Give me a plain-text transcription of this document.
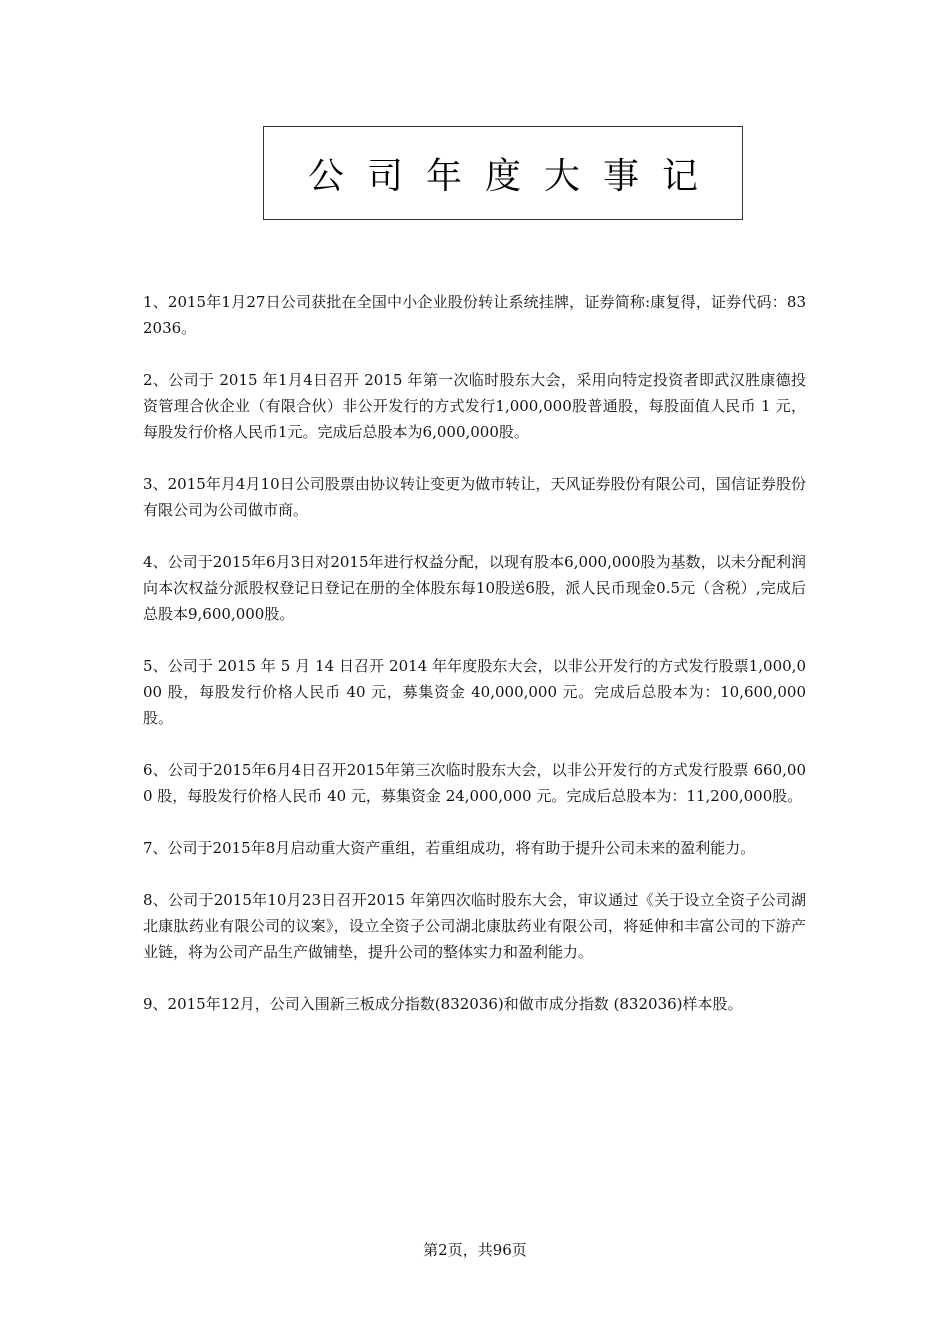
公司年度大事记

1、2015年1月27日公司获批在全国中小企业股份转让系统挂牌，证券简称:康复得，证券代码：832036。

2、公司于 2015 年1月4日召开 2015 年第一次临时股东大会，采用向特定投资者即武汉胜康德投资管理合伙企业（有限合伙）非公开发行的方式发行1,000,000股普通股，每股面值人民币 1 元，每股发行价格人民币1元。完成后总股本为6,000,000股。

3、2015年月4月10日公司股票由协议转让变更为做市转让，天风证券股份有限公司，国信证券股份有限公司为公司做市商。

4、公司于2015年6月3日对2015年进行权益分配，以现有股本6,000,000股为基数，以未分配利润向本次权益分派股权登记日登记在册的全体股东每10股送6股，派人民币现金0.5元（含税）,完成后总股本9,600,000股。

5、公司于 2015 年 5 月 14 日召开 2014 年年度股东大会，以非公开发行的方式发行股票1,000,000 股，每股发行价格人民币 40 元，募集资金 40,000,000 元。完成后总股本为：10,600,000股。

6、公司于2015年6月4日召开2015年第三次临时股东大会，以非公开发行的方式发行股票 660,000 股，每股发行价格人民币 40 元，募集资金 24,000,000 元。完成后总股本为：11,200,000股。

7、公司于2015年8月启动重大资产重组，若重组成功，将有助于提升公司未来的盈利能力。

8、公司于2015年10月23日召开2015 年第四次临时股东大会，审议通过《关于设立全资子公司湖北康肽药业有限公司的议案》，设立全资子公司湖北康肽药业有限公司，将延伸和丰富公司的下游产业链，将为公司产品生产做铺垫，提升公司的整体实力和盈利能力。

9、2015年12月，公司入围新三板成分指数(832036)和做市成分指数 (832036)样本股。

第2页，共96页
